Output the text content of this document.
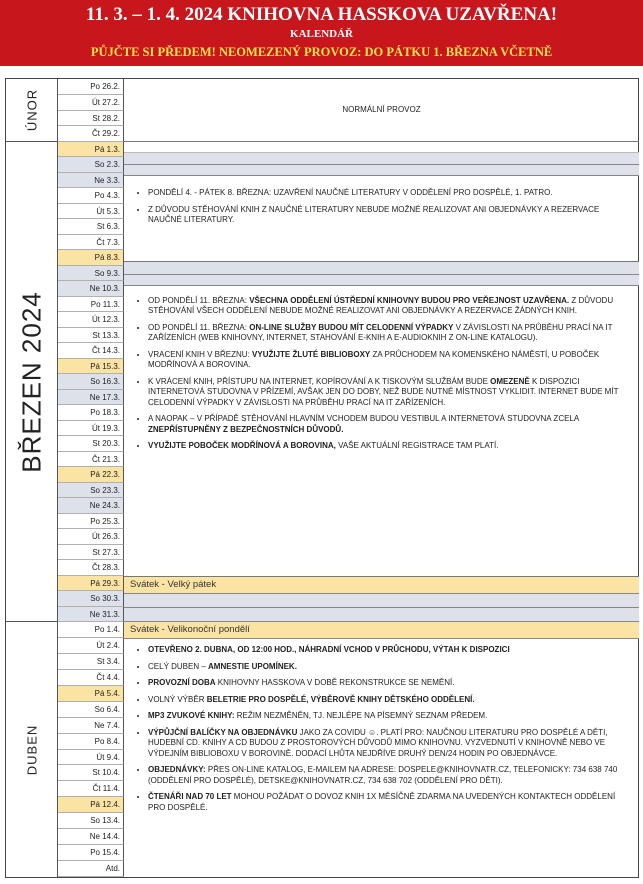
11. 3. – 1. 4. 2024 KNIHOVNA HASSKOVA UZAVŘENA!
KALENDÁŘ
PŮJČTE SI PŘEDEM! NEOMEZENÝ PROVOZ: DO PÁTKU 1. BŘEZNA VČETNĚ
ÚNOR
BŘEZEN 2024
DUBEN
Po 26.2.
Út 27.2.
St 28.2.
Čt 29.2.
Pá 1.3.
So 2.3.
Ne 3.3.
Po 4.3.
Út 5.3.
St 6.3.
Čt 7.3.
Pá 8.3.
So 9.3.
Ne 10.3.
Po 11.3.
Út 12.3.
St 13.3.
Čt 14.3.
Pá 15.3.
So 16.3.
Ne 17.3.
Po 18.3.
Út 19.3.
St 20.3.
Čt 21.3.
Pá 22.3.
So 23.3.
Ne 24.3.
Po 25.3.
Út 26.3.
St 27.3.
Čt 28.3.
Pá 29.3.
So 30.3.
Ne 31.3.
Po 1.4.
Út 2.4.
St 3.4.
Čt 4.4.
Pá 5.4.
So 6.4.
Ne 7.4.
Po 8.4.
Út 9.4.
St 10.4.
Čt 11.4.
Pá 12.4.
So 13.4.
Ne 14.4.
Po 15.4.
Atd.
NORMÁLNÍ PROVOZ
• PONDĚLÍ 4. - PÁTEK 8. BŘEZNA: UZAVŘENÍ NAUČNÉ LITERATURY V ODDĚLENÍ PRO DOSPĚLÉ, 1. PATRO.
• Z DŮVODU STĚHOVÁNÍ KNIH Z NAUČNÉ LITERATURY NEBUDE MOŽNÉ REALIZOVAT ANI OBJEDNÁVKY A REZERVACE NAUČNÉ LITERATURY.
• OD PONDĚLÍ 11. BŘEZNA: VŠECHNA ODDĚLENÍ ÚSTŘEDNÍ KNIHOVNY BUDOU PRO VEŘEJNOST UZAVŘENA. Z DŮVODU STĚHOVÁNÍ VŠECH ODDĚLENÍ NEBUDE MOŽNÉ REALIZOVAT ANI OBJEDNÁVKY A REZERVACE ŽÁDNÝCH KNIH.
• OD PONDĚLÍ 11. BŘEZNA: ON-LINE SLUŽBY BUDOU MÍT CELODENNÍ VÝPADKY V ZÁVISLOSTI NA PRŮBĚHU PRACÍ NA IT ZAŘÍZENÍCH (WEB KNIHOVNY, INTERNET, STAHOVÁNÍ E-KNIH A E-AUDIOKNIH Z ON-LINE KATALOGU).
• VRACENÍ KNIH V BŘEZNU: VYUŽIJTE ŽLUTÉ BIBLIOBOXY ZA PRŮCHODEM NA KOMENSKÉHO NÁMĚSTÍ, U POBOČEK MODŘÍNOVÁ A BOROVINA.
• K VRÁCENÍ KNIH, PŘÍSTUPU NA INTERNET, KOPÍROVÁNÍ A K TISKOVÝM SLUŽBÁM BUDE OMEZENĚ K DISPOZICI INTERNETOVÁ STUDOVNA V PŘÍZEMÍ, AVŠAK JEN DO DOBY, NEŽ BUDE NUTNÉ MÍSTNOST VYKLIDIT. INTERNET BUDE MÍT CELODENNÍ VÝPADKY V ZÁVISLOSTI NA PRŮBĚHU PRACÍ NA IT ZAŘÍZENÍCH.
• A NAOPAK – V PŘÍPADĚ STĚHOVÁNÍ HLAVNÍM VCHODEM BUDOU VESTIBUL A INTERNETOVÁ STUDOVNA ZCELA ZNEPŘÍSTUPNĚNY Z BEZPEČNOSTNÍCH DŮVODŮ.
• VYUŽIJTE POBOČEK MODŘÍNOVÁ A BOROVINA, VAŠE AKTUÁLNÍ REGISTRACE TAM PLATÍ.
Svátek - Velký pátek
Svátek - Velikonoční pondělí
• OTEVŘENO 2. DUBNA, OD 12:00 HOD., NÁHRADNÍ VCHOD V PRŮCHODU, VÝTAH K DISPOZICI
• CELÝ DUBEN – AMNESTIE UPOMÍNEK.
• PROVOZNÍ DOBA KNIHOVNY HASSKOVA V DOBĚ REKONSTRUKCE SE NEMĚNÍ.
• VOLNÝ VÝBĚR BELETRIE PRO DOSPĚLÉ, VÝBĚROVĚ KNIHY DĚTSKÉHO ODDĚLENÍ.
• MP3 ZVUKOVÉ KNIHY: REŽIM NEZMĚNĚN, TJ. NEJLÉPE NA PÍSEMNÝ SEZNAM PŘEDEM.
• VÝPŮJČNÍ BALÍČKY NA OBJEDNÁVKU JAKO ZA COVIDU ☺. PLATÍ PRO: NAUČNOU LITERATURU PRO DOSPĚLÉ A DĚTI, HUDEBNÍ CD. KNIHY A CD BUDOU Z PROSTOROVÝCH DŮVODŮ MIMO KNIHOVNU. VYZVEDNUTÍ V KNIHOVNĚ NEBO VE VÝDEJNÍM BIBLIOBOXU V BOROVINĚ. DODACÍ LHŮTA NEJDŘÍVE DRUHÝ DEN/24 HODIN PO OBJEDNÁVCE.
• OBJEDNÁVKY: PŘES ON-LINE KATALOG, E-MAILEM NA ADRESE: DOSPELE@KNIHOVNATR.CZ, TELEFONICKY: 734 638 740 (ODDĚLENÍ PRO DOSPĚLÉ), DETSKE@KNIHOVNATR.CZ, 734 638 702 (ODDĚLENÍ PRO DĚTI).
• ČTENÁŘI NAD 70 LET MOHOU POŽÁDAT O DOVOZ KNIH 1X MĚSÍČNĚ ZDARMA NA UVEDENÝCH KONTAKTECH ODDĚLENÍ PRO DOSPĚLÉ.
